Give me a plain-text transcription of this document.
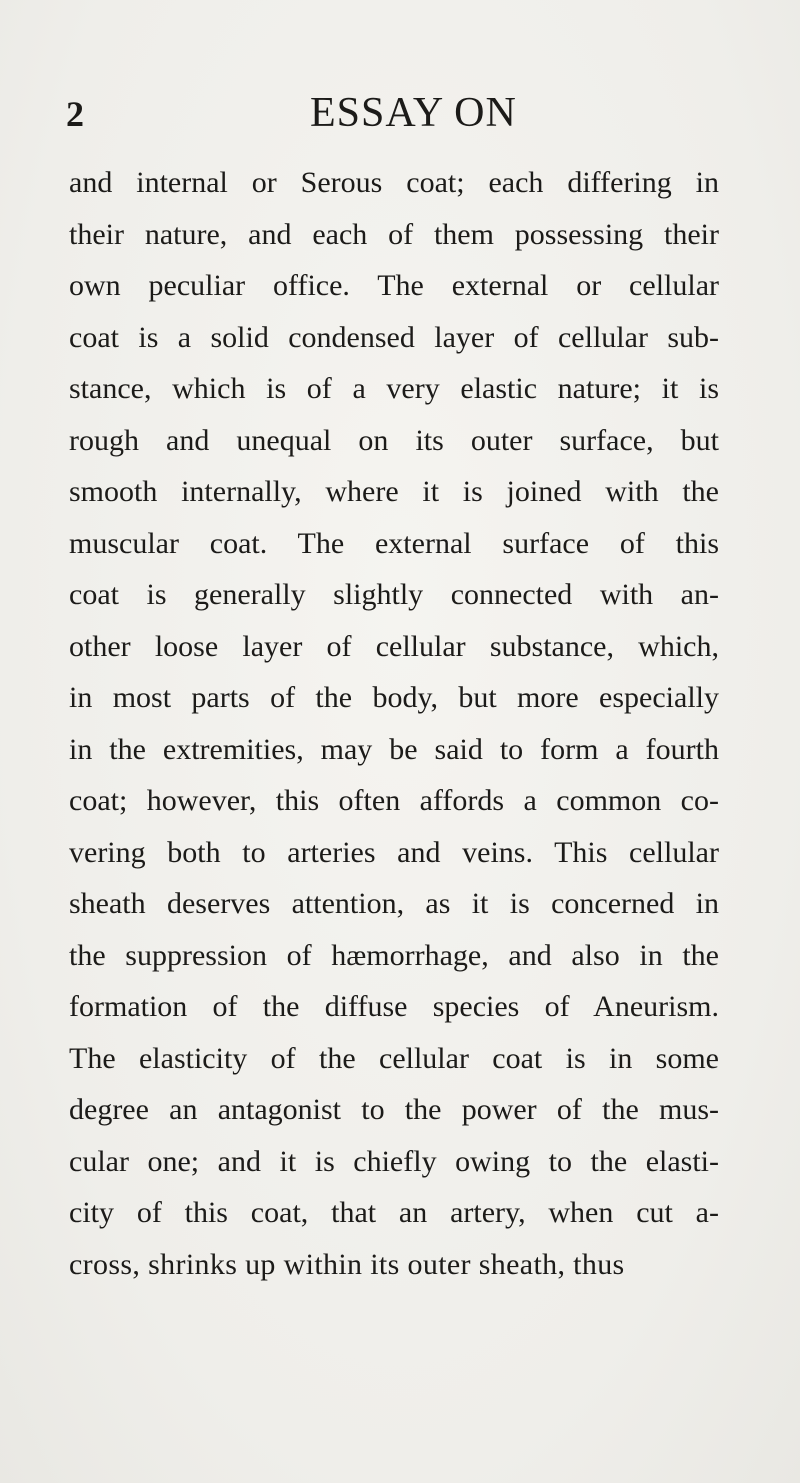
2	ESSAY ON
and internal or Serous coat; each differing in
their nature, and each of them possessing their
own peculiar office. The external or cellular
coat is a solid condensed layer of cellular sub-
stance, which is of a very elastic nature; it is
rough and unequal on its outer surface, but
smooth internally, where it is joined with the
muscular coat. The external surface of this
coat is generally slightly connected with an-
other loose layer of cellular substance, which,
in most parts of the body, but more especially
in the extremities, may be said to form a fourth
coat; however, this often affords a common co-
vering both to arteries and veins. This cellular
sheath deserves attention, as it is concerned in
the suppression of hæmorrhage, and also in the
formation of the diffuse species of Aneurism.
The elasticity of the cellular coat is in some
degree an antagonist to the power of the mus-
cular one; and it is chiefly owing to the elasti-
city of this coat, that an artery, when cut a-
cross, shrinks up within its outer sheath, thus
